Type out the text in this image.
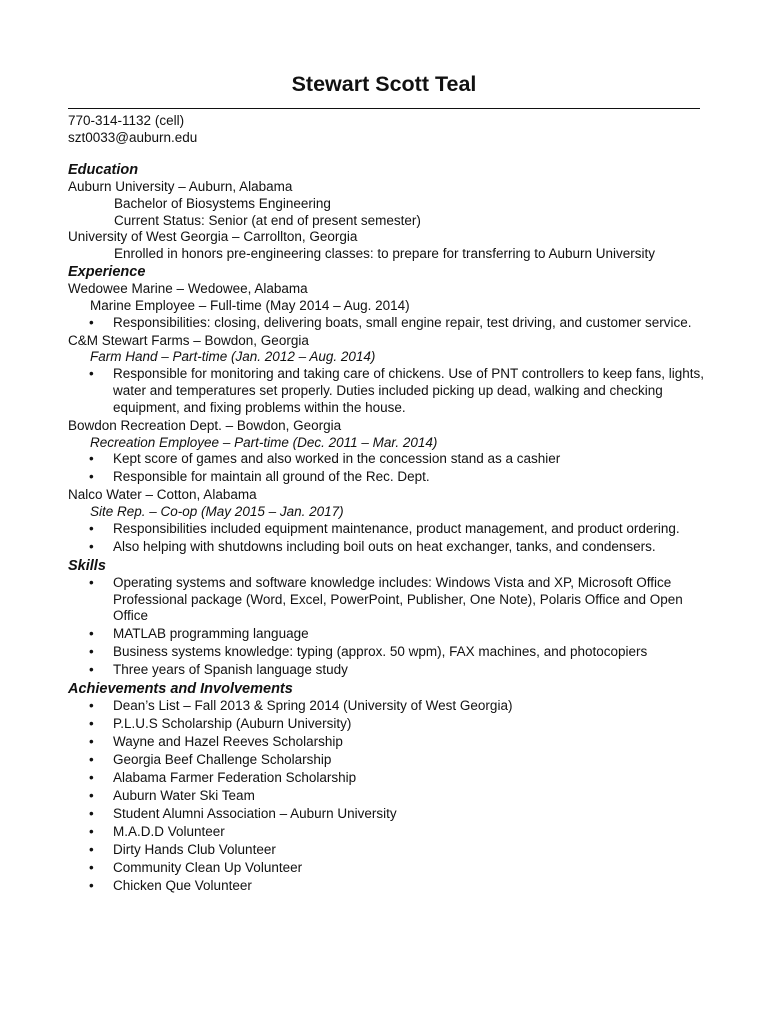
Stewart Scott Teal
770-314-1132 (cell)
szt0033@auburn.edu
Education
Auburn University – Auburn, Alabama
Bachelor of Biosystems Engineering
Current Status: Senior (at end of present semester)
University of West Georgia – Carrollton, Georgia
Enrolled in honors pre-engineering classes: to prepare for transferring to Auburn University
Experience
Wedowee Marine – Wedowee, Alabama
Marine Employee – Full-time (May 2014 – Aug. 2014)
• Responsibilities: closing, delivering boats, small engine repair, test driving, and customer service.
C&M Stewart Farms – Bowdon, Georgia
Farm Hand – Part-time (Jan. 2012 – Aug. 2014)
• Responsible for monitoring and taking care of chickens. Use of PNT controllers to keep fans, lights, water and temperatures set properly. Duties included picking up dead, walking and checking equipment, and fixing problems within the house.
Bowdon Recreation Dept. – Bowdon, Georgia
Recreation Employee – Part-time (Dec. 2011 – Mar. 2014)
• Kept score of games and also worked in the concession stand as a cashier
• Responsible for maintain all ground of the Rec. Dept.
Nalco Water – Cotton, Alabama
Site Rep. – Co-op (May 2015 – Jan. 2017)
• Responsibilities included equipment maintenance, product management, and product ordering.
• Also helping with shutdowns including boil outs on heat exchanger, tanks, and condensers.
Skills
• Operating systems and software knowledge includes: Windows Vista and XP, Microsoft Office Professional package (Word, Excel, PowerPoint, Publisher, One Note), Polaris Office and Open Office
• MATLAB programming language
• Business systems knowledge: typing (approx. 50 wpm), FAX machines, and photocopiers
• Three years of Spanish language study
Achievements and Involvements
• Dean’s List – Fall 2013 & Spring 2014 (University of West Georgia)
• P.L.U.S Scholarship (Auburn University)
• Wayne and Hazel Reeves Scholarship
• Georgia Beef Challenge Scholarship
• Alabama Farmer Federation Scholarship
• Auburn Water Ski Team
• Student Alumni Association – Auburn University
• M.A.D.D Volunteer
• Dirty Hands Club Volunteer
• Community Clean Up Volunteer
• Chicken Que Volunteer
